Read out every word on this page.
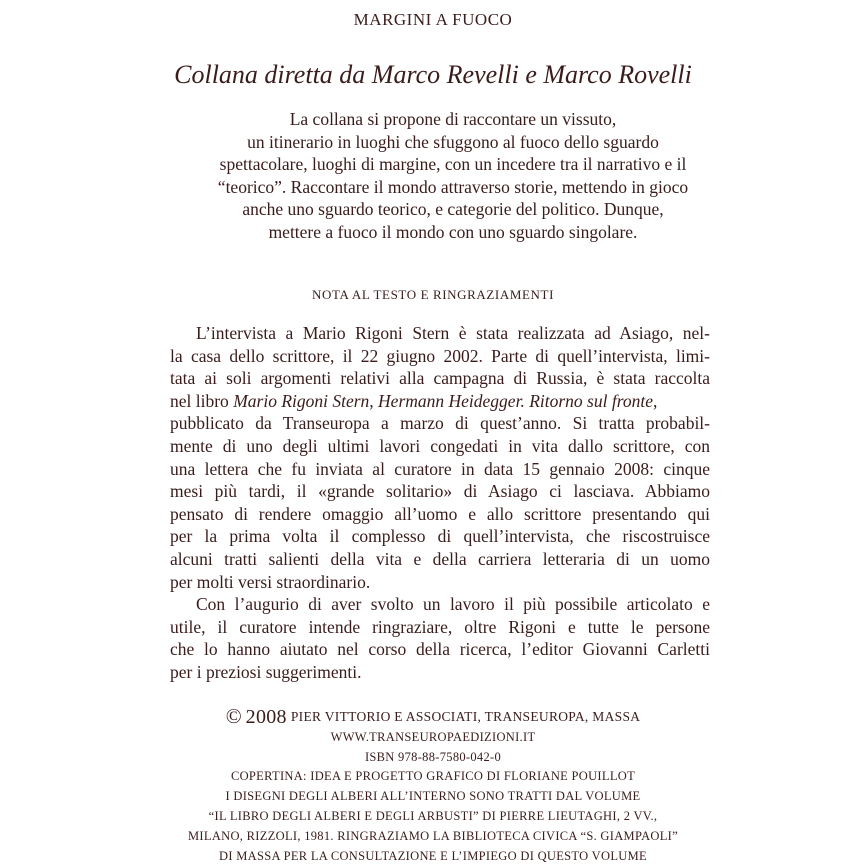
MARGINI A FUOCO
Collana diretta da Marco Revelli e Marco Rovelli
La collana si propone di raccontare un vissuto,
un itinerario in luoghi che sfuggono al fuoco dello sguardo
spettacolare, luoghi di margine, con un incedere tra il narrativo e il
“teorico”. Raccontare il mondo attraverso storie, mettendo in gioco
anche uno sguardo teorico, e categorie del politico. Dunque,
mettere a fuoco il mondo con uno sguardo singolare.
NOTA AL TESTO E RINGRAZIAMENTI
L’intervista a Mario Rigoni Stern è stata realizzata ad Asiago, nel-
la casa dello scrittore, il 22 giugno 2002. Parte di quell’intervista, limi-
tata ai soli argomenti relativi alla campagna di Russia, è stata raccolta
nel libro Mario Rigoni Stern, Hermann Heidegger. Ritorno sul fronte,
pubblicato da Transeuropa a marzo di quest’anno. Si tratta probabil-
mente di uno degli ultimi lavori congedati in vita dallo scrittore, con
una lettera che fu inviata al curatore in data 15 gennaio 2008: cinque
mesi più tardi, il «grande solitario» di Asiago ci lasciava. Abbiamo
pensato di rendere omaggio all’uomo e allo scrittore presentando qui
per la prima volta il complesso di quell’intervista, che riscostruisce
alcuni tratti salienti della vita e della carriera letteraria di un uomo
per molti versi straordinario.
Con l’augurio di aver svolto un lavoro il più possibile articolato e
utile, il curatore intende ringraziare, oltre Rigoni e tutte le persone
che lo hanno aiutato nel corso della ricerca, l’editor Giovanni Carletti
per i preziosi suggerimenti.
© 2008 PIER VITTORIO E ASSOCIATI, TRANSEUROPA, MASSA
WWW.TRANSEUROPAEDIZIONI.IT
ISBN 978-88-7580-042-0
COPERTINA: IDEA E PROGETTO GRAFICO DI FLORIANE POUILLOT
I DISEGNI DEGLI ALBERI ALL’INTERNO SONO TRATTI DAL VOLUME
“IL LIBRO DEGLI ALBERI E DEGLI ARBUSTI” DI PIERRE LIEUTAGHI, 2 VV.,
MILANO, RIZZOLI, 1981. RINGRAZIAMO LA BIBLIOTECA CIVICA “S. GIAMPAOLI”
DI MASSA PER LA CONSULTAZIONE E L’IMPIEGO DI QUESTO VOLUME
